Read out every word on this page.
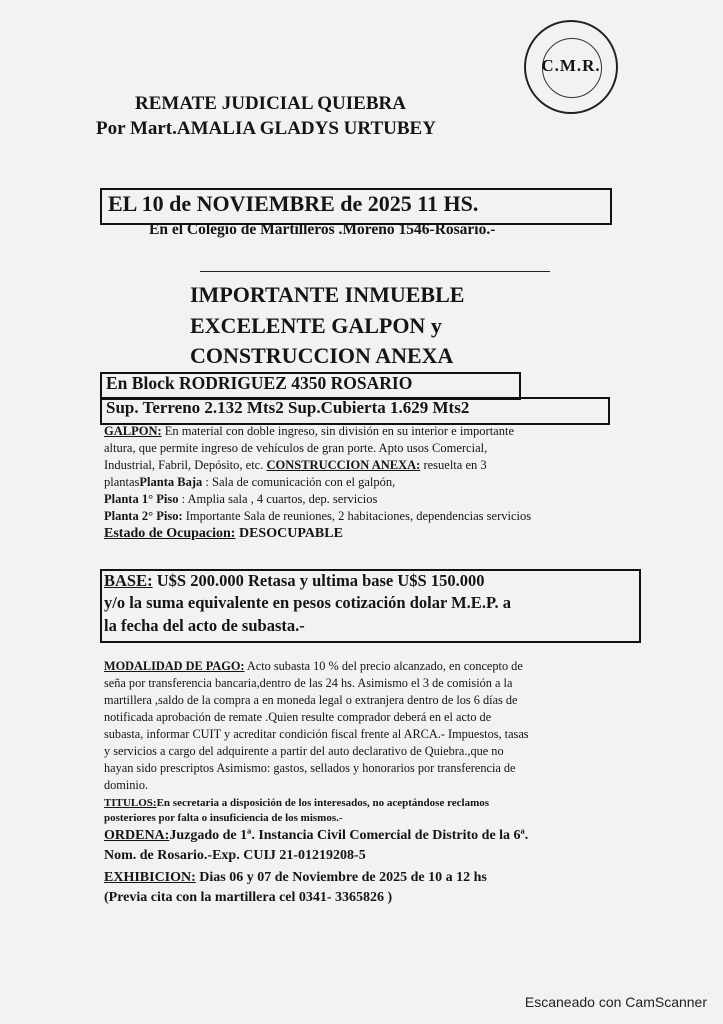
C.M.R.
REMATE JUDICIAL QUIEBRA
Por Mart.AMALIA GLADYS URTUBEY
EL 10 de NOVIEMBRE de 2025 11 HS.
En el Colegio de Martilleros .Moreno 1546-Rosario.-
IMPORTANTE INMUEBLE
EXCELENTE GALPON y
CONSTRUCCION ANEXA
En Block RODRIGUEZ 4350 ROSARIO
Sup. Terreno 2.132 Mts2 Sup.Cubierta 1.629 Mts2
GALPON: En material con doble ingreso, sin división en su interior e importante
altura, que permite ingreso de vehículos de gran porte. Apto usos Comercial,
Industrial, Fabril, Depósito, etc. CONSTRUCCION ANEXA: resuelta en 3
plantasPlanta Baja : Sala de comunicación con el galpón,
Planta 1° Piso : Amplia sala , 4 cuartos, dep. servicios
Planta 2° Piso: Importante Sala de reuniones, 2 habitaciones, dependencias servicios
Estado de Ocupacion: DESOCUPABLE
BASE: U$S 200.000 Retasa y ultima base U$S 150.000
y/o la suma equivalente en pesos cotización dolar M.E.P. a
la fecha del acto de subasta.-
MODALIDAD DE PAGO: Acto subasta 10 % del precio alcanzado, en concepto de
seña por transferencia bancaria,dentro de las 24 hs. Asimismo el 3 de comisión a la
martillera ,saldo de la compra a en moneda legal o extranjera dentro de los 6 días de
notificada aprobación de remate .Quien resulte comprador deberá en el acto de
subasta, informar CUIT y acreditar condición fiscal frente al ARCA.- Impuestos, tasas
y servicios a cargo del adquirente a partir del auto declarativo de Quiebra.,que no
hayan sido prescriptos Asimismo: gastos, sellados y honorarios por transferencia de
dominio.
TITULOS:En secretaria a disposición de los interesados, no aceptándose reclamos
posteriores por falta o insuficiencia de los mismos.-
ORDENA:Juzgado de 1ª. Instancia Civil Comercial de Distrito de la 6ª.
Nom. de Rosario.-Exp. CUIJ 21-01219208-5
EXHIBICION: Dias 06 y 07 de Noviembre de 2025 de 10 a 12 hs
(Previa cita con la martillera cel 0341- 3365826 )
Escaneado con CamScanner
